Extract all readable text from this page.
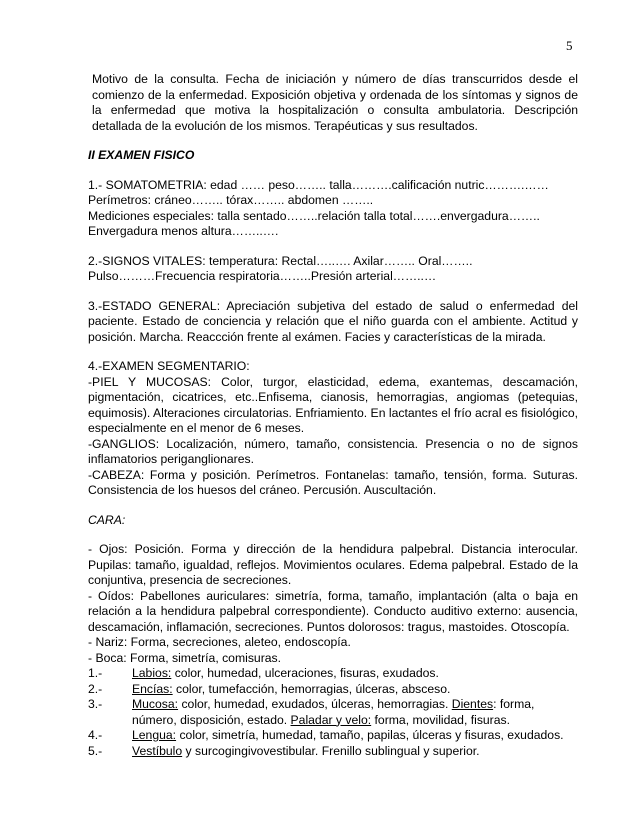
5

Motivo de la consulta. Fecha de iniciación y número de días transcurridos desde el comienzo de la enfermedad. Exposición objetiva y ordenada de los síntomas y signos de la enfermedad que motiva la hospitalización o consulta ambulatoria. Descripción detallada de la evolución de los mismos. Terapéuticas y sus resultados.

II EXAMEN FISICO

1.- SOMATOMETRIA: edad …… peso…….. talla……….calificación nutric……….……

Perímetros: cráneo…….. tórax…….. abdomen ……..

Mediciones especiales: talla sentado……..relación talla total…….envergadura……..

Envergadura menos altura……..….

2.-SIGNOS VITALES: temperatura: Rectal…..…. Axilar…….. Oral……..

Pulso………Frecuencia respiratoria……..Presión arterial……..…

3.-ESTADO GENERAL: Apreciación subjetiva del estado de salud o enfermedad del paciente. Estado de conciencia y relación que el niño guarda con el ambiente. Actitud y posición. Marcha. Reaccción frente al exámen. Facies y características de la mirada.

4.-EXAMEN SEGMENTARIO:

-PIEL Y MUCOSAS: Color, turgor, elasticidad, edema, exantemas, descamación, pigmentación, cicatrices, etc..Enfisema, cianosis, hemorragias, angiomas (petequias, equimosis). Alteraciones circulatorias. Enfriamiento. En lactantes el frío acral es fisiológico, especialmente en el menor de 6 meses.

-GANGLIOS: Localización, número, tamaño, consistencia. Presencia o no de signos inflamatorios periganglionares.

-CABEZA: Forma y posición. Perímetros. Fontanelas: tamaño, tensión, forma. Suturas. Consistencia de los huesos del cráneo. Percusión. Auscultación.

CARA:

- Ojos: Posición. Forma y dirección de la hendidura palpebral. Distancia interocular. Pupilas: tamaño, igualdad, reflejos. Movimientos oculares. Edema palpebral. Estado de la conjuntiva, presencia de secreciones.

- Oídos: Pabellones auriculares: simetría, forma, tamaño, implantación (alta o baja en relación a la hendidura palpebral correspondiente). Conducto auditivo externo: ausencia, descamación, inflamación, secreciones. Puntos dolorosos: tragus, mastoides. Otoscopía.

- Nariz: Forma, secreciones, aleteo, endoscopía.

- Boca: Forma, simetría, comisuras.

1.-	Labios: color, humedad, ulceraciones, fisuras, exudados.
2.-	Encías: color, tumefacción, hemorragias, úlceras, absceso.
3.-	Mucosa: color, humedad, exudados, úlceras, hemorragias. Dientes: forma, número, disposición, estado. Paladar y velo: forma, movilidad, fisuras.
4.-	Lengua: color, simetría, humedad, tamaño, papilas, úlceras y fisuras, exudados.
5.-	Vestíbulo y surcogingivovestibular. Frenillo sublingual y superior.
